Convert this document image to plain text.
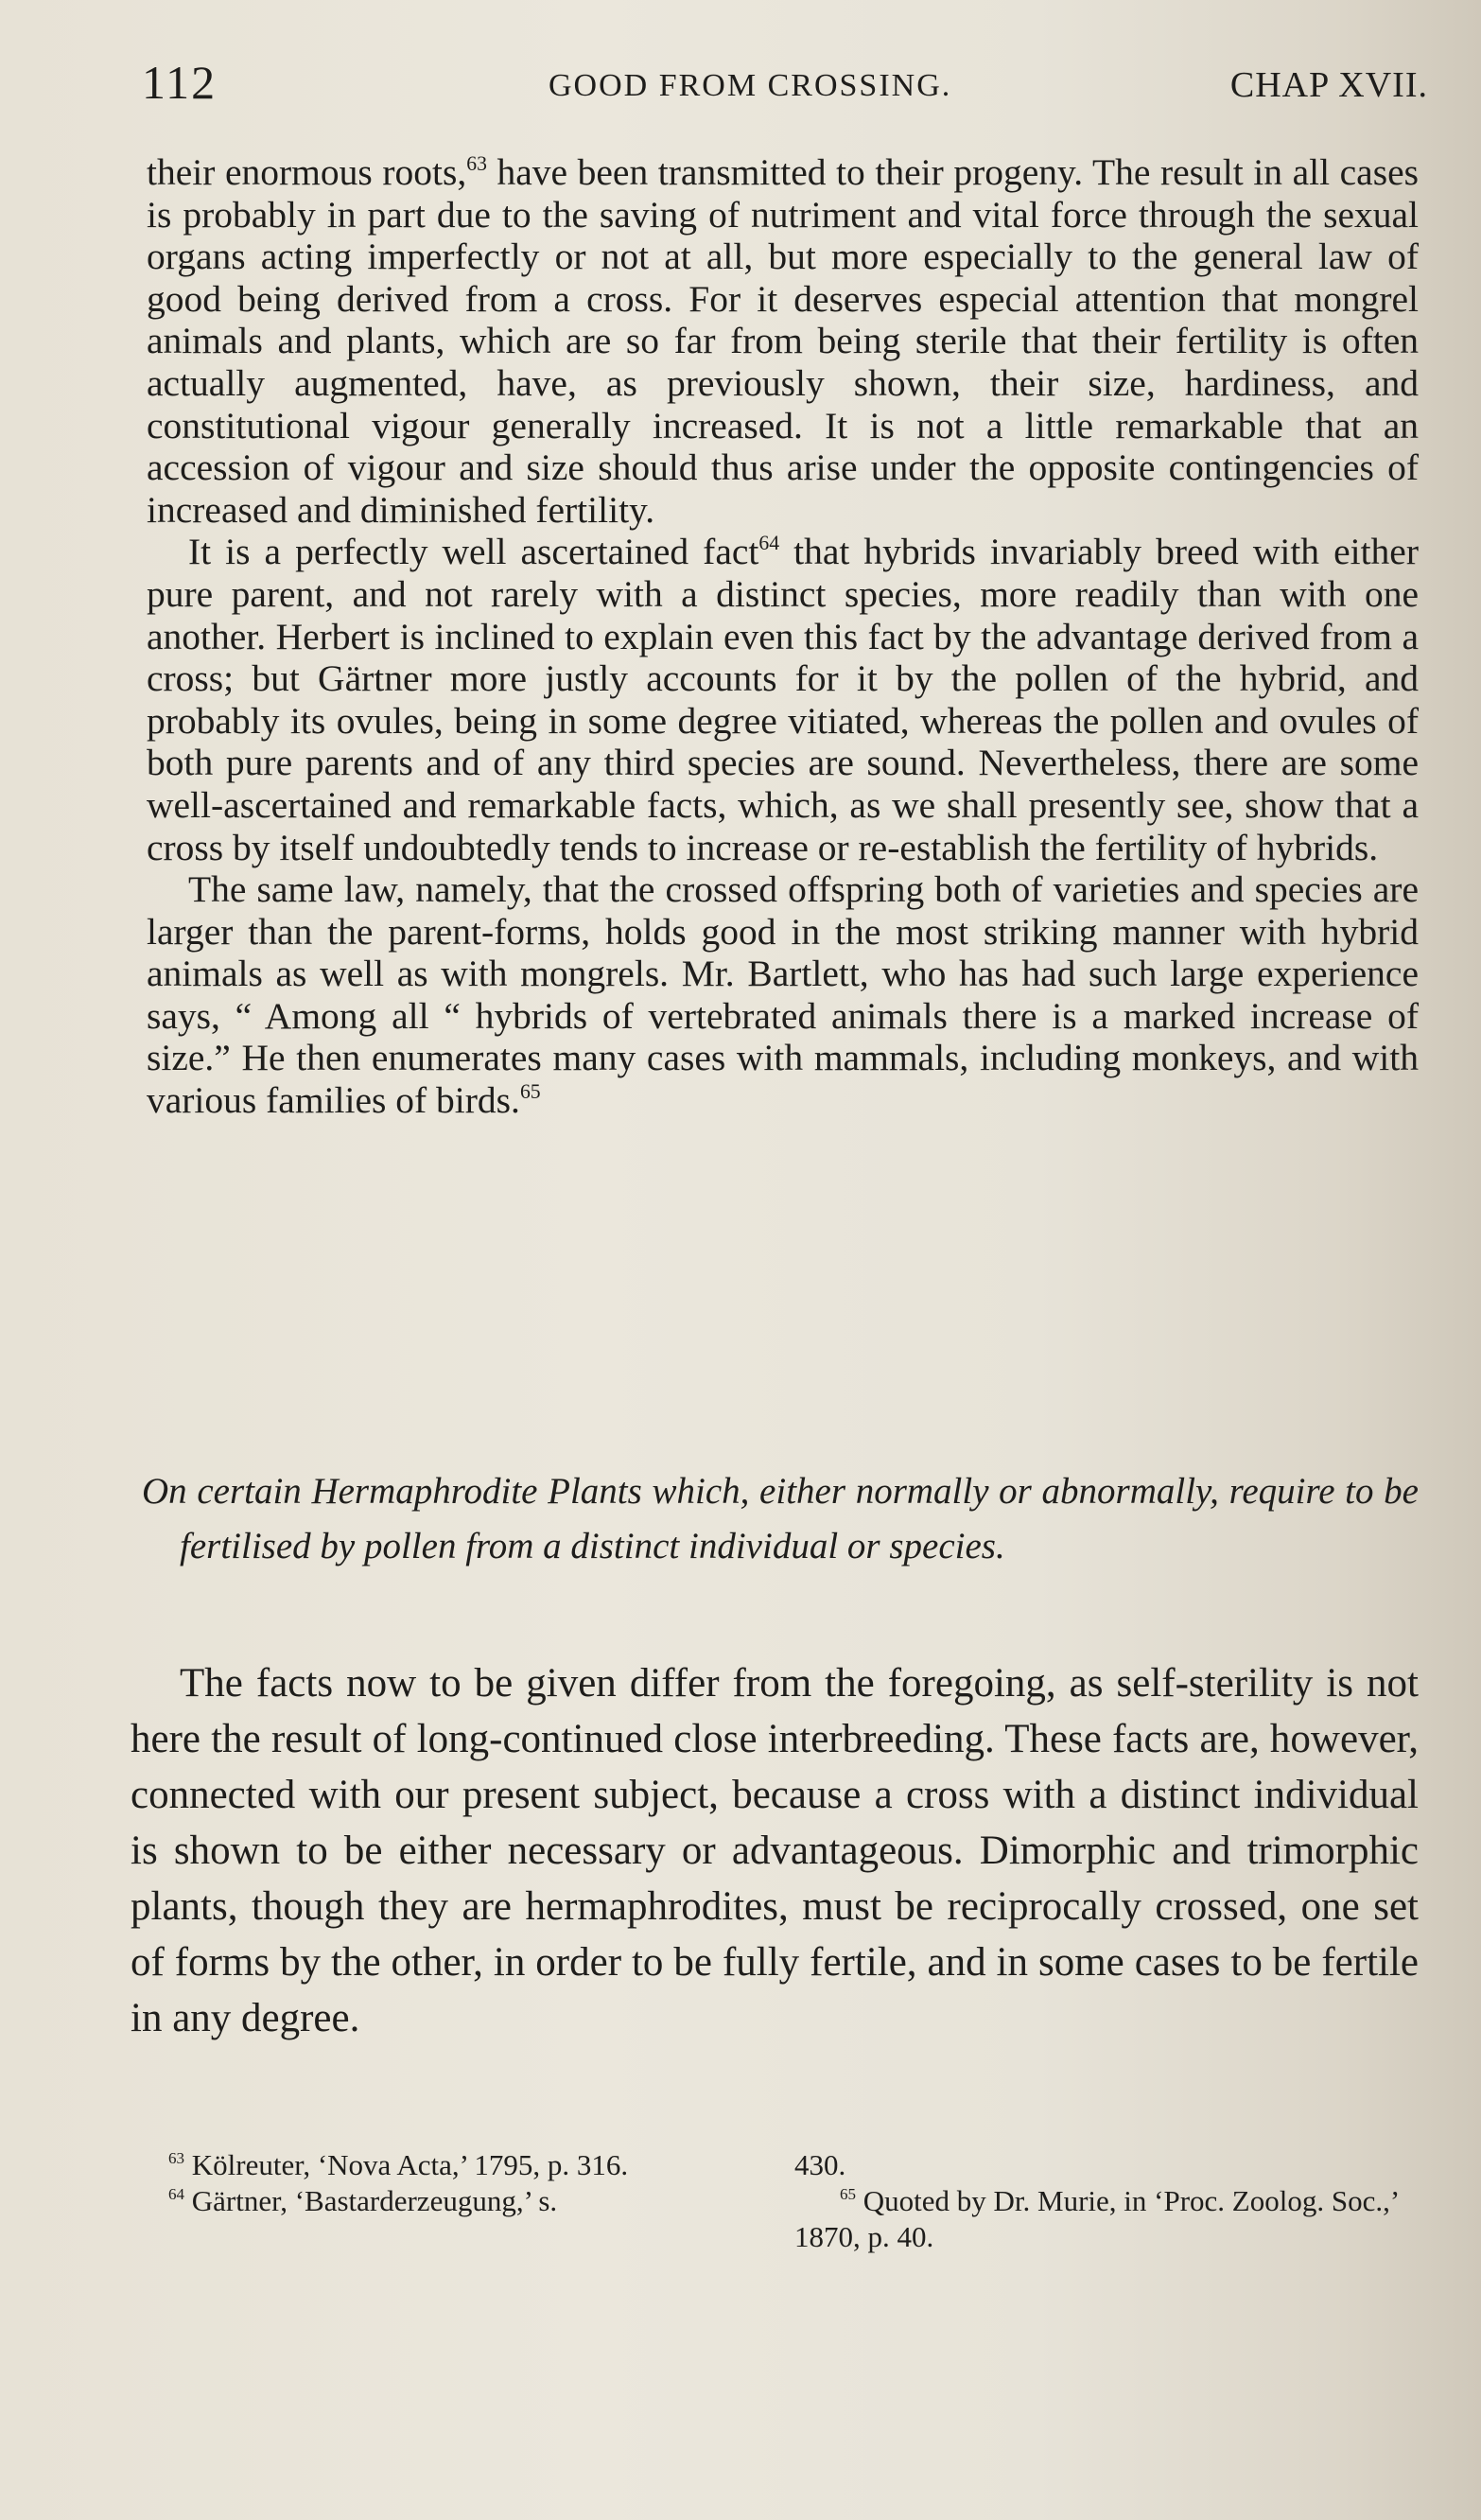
112	GOOD FROM CROSSING.	CHAP XVII.

their enormous roots,$^{63}$ have been transmitted to their progeny. The result in all cases is probably in part due to the saving of nutriment and vital force through the sexual organs acting imperfectly or not at all, but more especially to the general law of good being derived from a cross. For it deserves especial attention that mongrel animals and plants, which are so far from being sterile that their fertility is often actually augmented, have, as previously shown, their size, hardiness, and constitutional vigour generally increased. It is not a little remarkable that an accession of vigour and size should thus arise under the opposite contingencies of increased and diminished fertility.

It is a perfectly well ascertained fact$^{64}$ that hybrids invariably breed with either pure parent, and not rarely with a distinct species, more readily than with one another. Herbert is inclined to explain even this fact by the advantage derived from a cross; but Gärtner more justly accounts for it by the pollen of the hybrid, and probably its ovules, being in some degree vitiated, whereas the pollen and ovules of both pure parents and of any third species are sound. Nevertheless, there are some well-ascertained and remarkable facts, which, as we shall presently see, show that a cross by itself undoubtedly tends to increase or re-establish the fertility of hybrids.

The same law, namely, that the crossed offspring both of varieties and species are larger than the parent-forms, holds good in the most striking manner with hybrid animals as well as with mongrels. Mr. Bartlett, who has had such large experience says, “ Among all “ hybrids of vertebrated animals there is a marked increase of size.” He then enumerates many cases with mammals, including monkeys, and with various families of birds.$^{65}$

On certain Hermaphrodite Plants which, either normally or abnormally, require to be fertilised by pollen from a distinct individual or species.
The facts now to be given differ from the foregoing, as self-sterility is not here the result of long-continued close interbreeding. These facts are, however, connected with our present subject, because a cross with a distinct individual is shown to be either necessary or advantageous. Dimorphic and trimorphic plants, though they are hermaphrodites, must be reciprocally crossed, one set of forms by the other, in order to be fully fertile, and in some cases to be fertile in any degree.

$^{63}$ Kölreuter, ‘Nova Acta,’ 1795, p. 316.

$^{64}$ Gärtner, ‘Bastarderzeugung,’ s.

430.

$^{65}$ Quoted by Dr. Murie, in ‘Proc. Zoolog. Soc.,’ 1870, p. 40.
